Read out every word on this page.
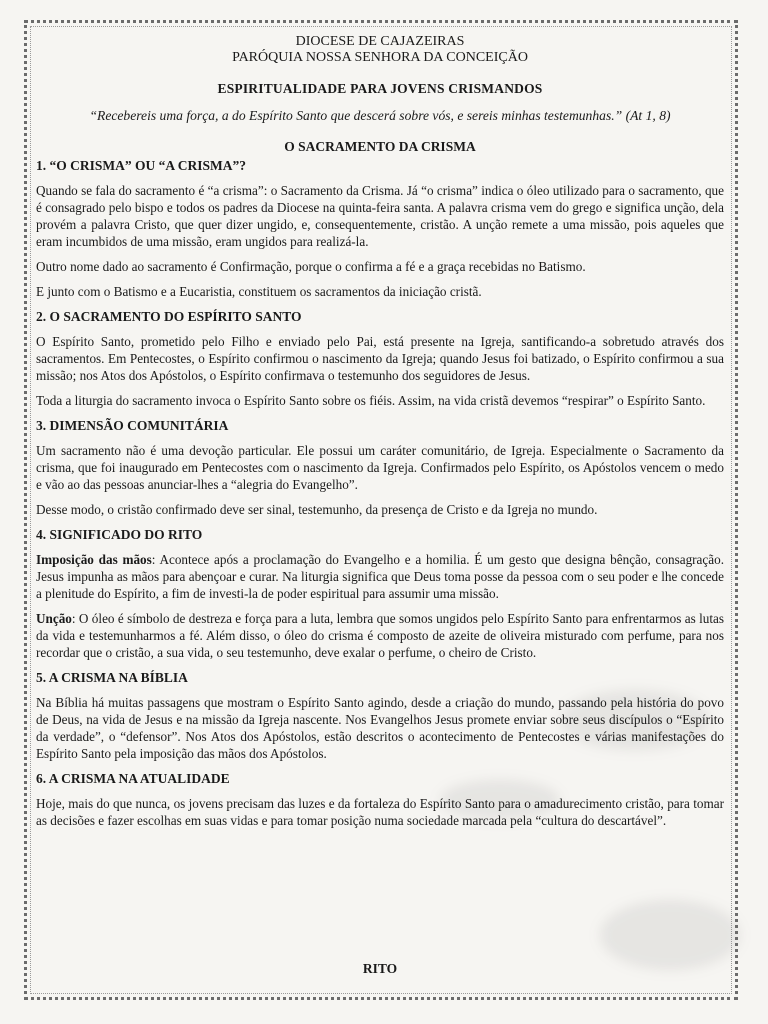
DIOCESE DE CAJAZEIRAS

PARÓQUIA NOSSA SENHORA DA CONCEIÇÃO

ESPIRITUALIDADE PARA JOVENS CRISMANDOS
“Recebereis uma força, a do Espírito Santo que descerá sobre vós, e sereis minhas testemunhas.” (At 1, 8)
O SACRAMENTO DA CRISMA
1. “O CRISMA” OU “A CRISMA”?

Quando se fala do sacramento é “a crisma”: o Sacramento da Crisma. Já “o crisma” indica o óleo utilizado para o sacramento, que é consagrado pelo bispo e todos os padres da Diocese na quinta-feira santa. A palavra crisma vem do grego e significa unção, dela provém a palavra Cristo, que quer dizer ungido, e, consequentemente, cristão. A unção remete a uma missão, pois aqueles que eram incumbidos de uma missão, eram ungidos para realizá-la.

Outro nome dado ao sacramento é Confirmação, porque o confirma a fé e a graça recebidas no Batismo.

E junto com o Batismo e a Eucaristia, constituem os sacramentos da iniciação cristã.

2. O SACRAMENTO DO ESPÍRITO SANTO

O Espírito Santo, prometido pelo Filho e enviado pelo Pai, está presente na Igreja, santificando-a sobretudo através dos sacramentos. Em Pentecostes, o Espírito confirmou o nascimento da Igreja; quando Jesus foi batizado, o Espírito confirmou a sua missão; nos Atos dos Apóstolos, o Espírito confirmava o testemunho dos seguidores de Jesus.

Toda a liturgia do sacramento invoca o Espírito Santo sobre os fiéis. Assim, na vida cristã devemos “respirar” o Espírito Santo.

3. DIMENSÃO COMUNITÁRIA

Um sacramento não é uma devoção particular. Ele possui um caráter comunitário, de Igreja. Especialmente o Sacramento da crisma, que foi inaugurado em Pentecostes com o nascimento da Igreja. Confirmados pelo Espírito, os Apóstolos vencem o medo e vão ao das pessoas anunciar-lhes a “alegria do Evangelho”.

Desse modo, o cristão confirmado deve ser sinal, testemunho, da presença de Cristo e da Igreja no mundo.

4. SIGNIFICADO DO RITO

Imposição das mãos: Acontece após a proclamação do Evangelho e a homilia. É um gesto que designa bênção, consagração. Jesus impunha as mãos para abençoar e curar. Na liturgia significa que Deus toma posse da pessoa com o seu poder e lhe concede a plenitude do Espírito, a fim de investi-la de poder espiritual para assumir uma missão.

Unção: O óleo é símbolo de destreza e força para a luta, lembra que somos ungidos pelo Espírito Santo para enfrentarmos as lutas da vida e testemunharmos a fé. Além disso, o óleo do crisma é composto de azeite de oliveira misturado com perfume, para nos recordar que o cristão, a sua vida, o seu testemunho, deve exalar o perfume, o cheiro de Cristo.

5. A CRISMA NA BÍBLIA

Na Bíblia há muitas passagens que mostram o Espírito Santo agindo, desde a criação do mundo, passando pela história do povo de Deus, na vida de Jesus e na missão da Igreja nascente. Nos Evangelhos Jesus promete enviar sobre seus discípulos o “Espírito da verdade”, o “defensor”. Nos Atos dos Apóstolos, estão descritos o acontecimento de Pentecostes e várias manifestações do Espírito Santo pela imposição das mãos dos Apóstolos.

6. A CRISMA NA ATUALIDADE

Hoje, mais do que nunca, os jovens precisam das luzes e da fortaleza do Espírito Santo para o amadurecimento cristão, para tomar as decisões e fazer escolhas em suas vidas e para tomar posição numa sociedade marcada pela “cultura do descartável”.

RITO
